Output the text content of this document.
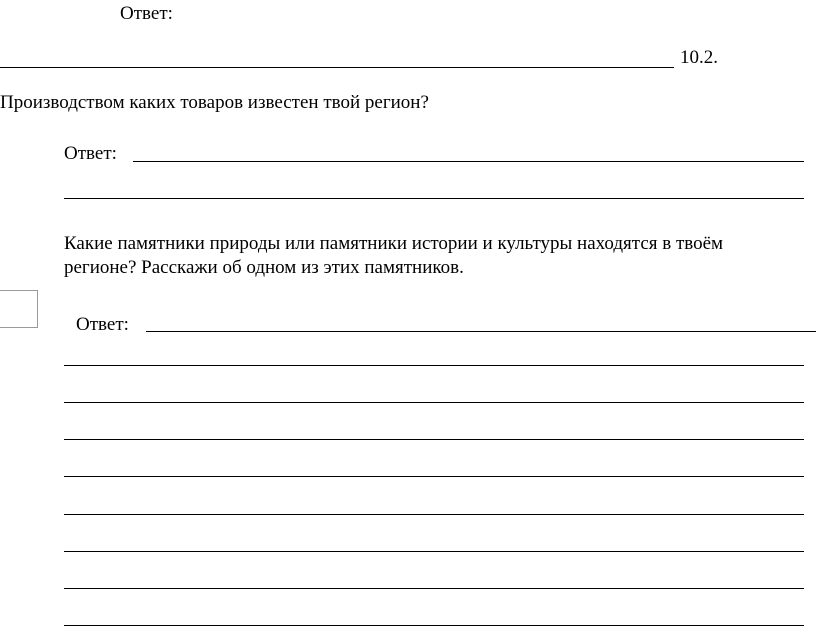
Ответ:
10.2.
Производством каких товаров известен твой регион?
Ответ:
Какие памятники природы или памятники истории и культуры находятся в твоём
регионе? Расскажи об одном из этих памятников.
Ответ:
